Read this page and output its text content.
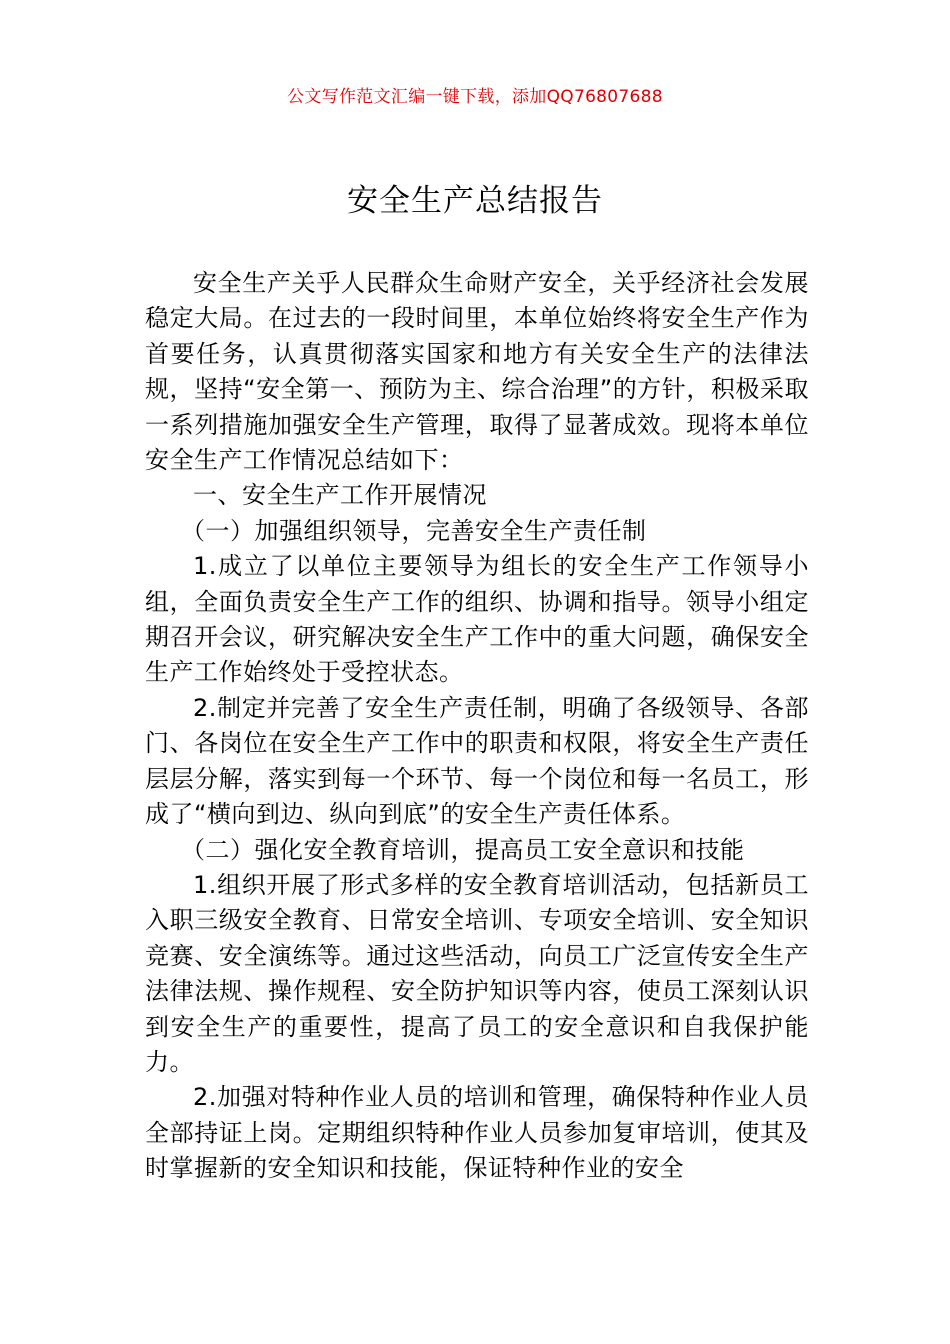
公文写作范文汇编一键下载，添加QQ76807688
安全生产总结报告

安全生产关乎人民群众生命财产安全，关乎经济社会发展稳定大局。在过去的一段时间里，本单位始终将安全生产作为首要任务，认真贯彻落实国家和地方有关安全生产的法律法规，坚持“安全第一、预防为主、综合治理”的方针，积极采取一系列措施加强安全生产管理，取得了显著成效。现将本单位安全生产工作情况总结如下：

一、安全生产工作开展情况

（一）加强组织领导，完善安全生产责任制

1.成立了以单位主要领导为组长的安全生产工作领导小组，全面负责安全生产工作的组织、协调和指导。领导小组定期召开会议，研究解决安全生产工作中的重大问题，确保安全生产工作始终处于受控状态。

2.制定并完善了安全生产责任制，明确了各级领导、各部门、各岗位在安全生产工作中的职责和权限，将安全生产责任层层分解，落实到每一个环节、每一个岗位和每一名员工，形成了“横向到边、纵向到底”的安全生产责任体系。

（二）强化安全教育培训，提高员工安全意识和技能

1.组织开展了形式多样的安全教育培训活动，包括新员工入职三级安全教育、日常安全培训、专项安全培训、安全知识竞赛、安全演练等。通过这些活动，向员工广泛宣传安全生产法律法规、操作规程、安全防护知识等内容，使员工深刻认识到安全生产的重要性，提高了员工的安全意识和自我保护能力。

2.加强对特种作业人员的培训和管理，确保特种作业人员全部持证上岗。定期组织特种作业人员参加复审培训，使其及时掌握新的安全知识和技能，保证特种作业的安全
